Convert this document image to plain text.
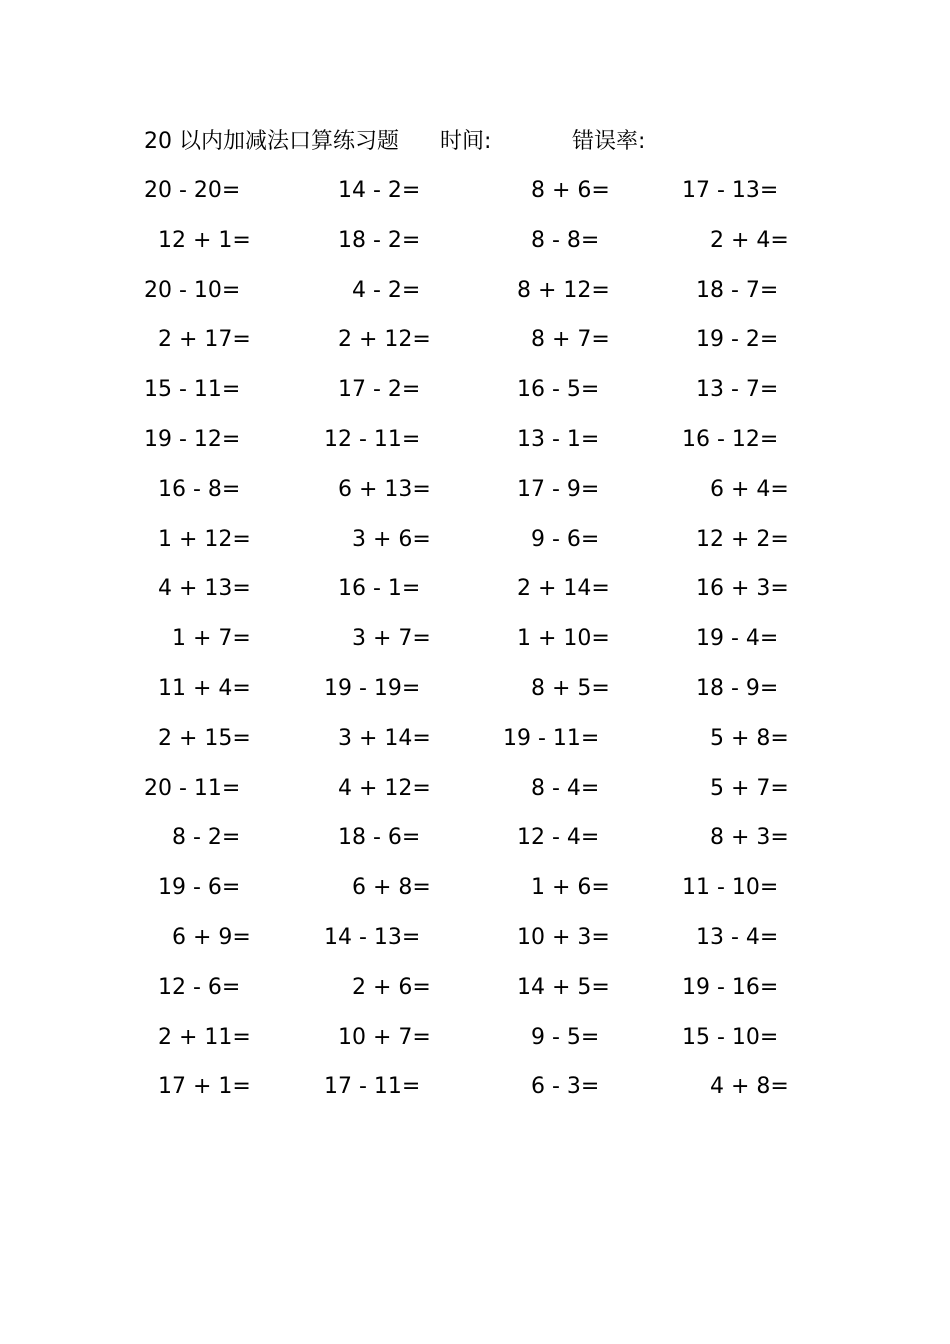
20 以内加减法口算练习题 时间:	错误率:
20 - 20=	14 - 2=	8 + 6=	17 - 13=
12 + 1=	18 - 2=	8 - 8=	2 + 4=
20 - 10=	4 - 2=	8 + 12=	18 - 7=
2 + 17=	2 + 12=	8 + 7=	19 - 2=
15 - 11=	17 - 2=	16 - 5=	13 - 7=
19 - 12=	12 - 11=	13 - 1=	16 - 12=
16 - 8=	6 + 13=	17 - 9=	6 + 4=
1 + 12=	3 + 6=	9 - 6=	12 + 2=
4 + 13=	16 - 1=	2 + 14=	16 + 3=
1 + 7=	3 + 7=	1 + 10=	19 - 4=
11 + 4=	19 - 19=	8 + 5=	18 - 9=
2 + 15=	3 + 14=	19 - 11=	5 + 8=
20 - 11=	4 + 12=	8 - 4=	5 + 7=
8 - 2=	18 - 6=	12 - 4=	8 + 3=
19 - 6=	6 + 8=	1 + 6=	11 - 10=
6 + 9=	14 - 13=	10 + 3=	13 - 4=
12 - 6=	2 + 6=	14 + 5=	19 - 16=
2 + 11=	10 + 7=	9 - 5=	15 - 10=
17 + 1=	17 - 11=	6 - 3=	4 + 8=
